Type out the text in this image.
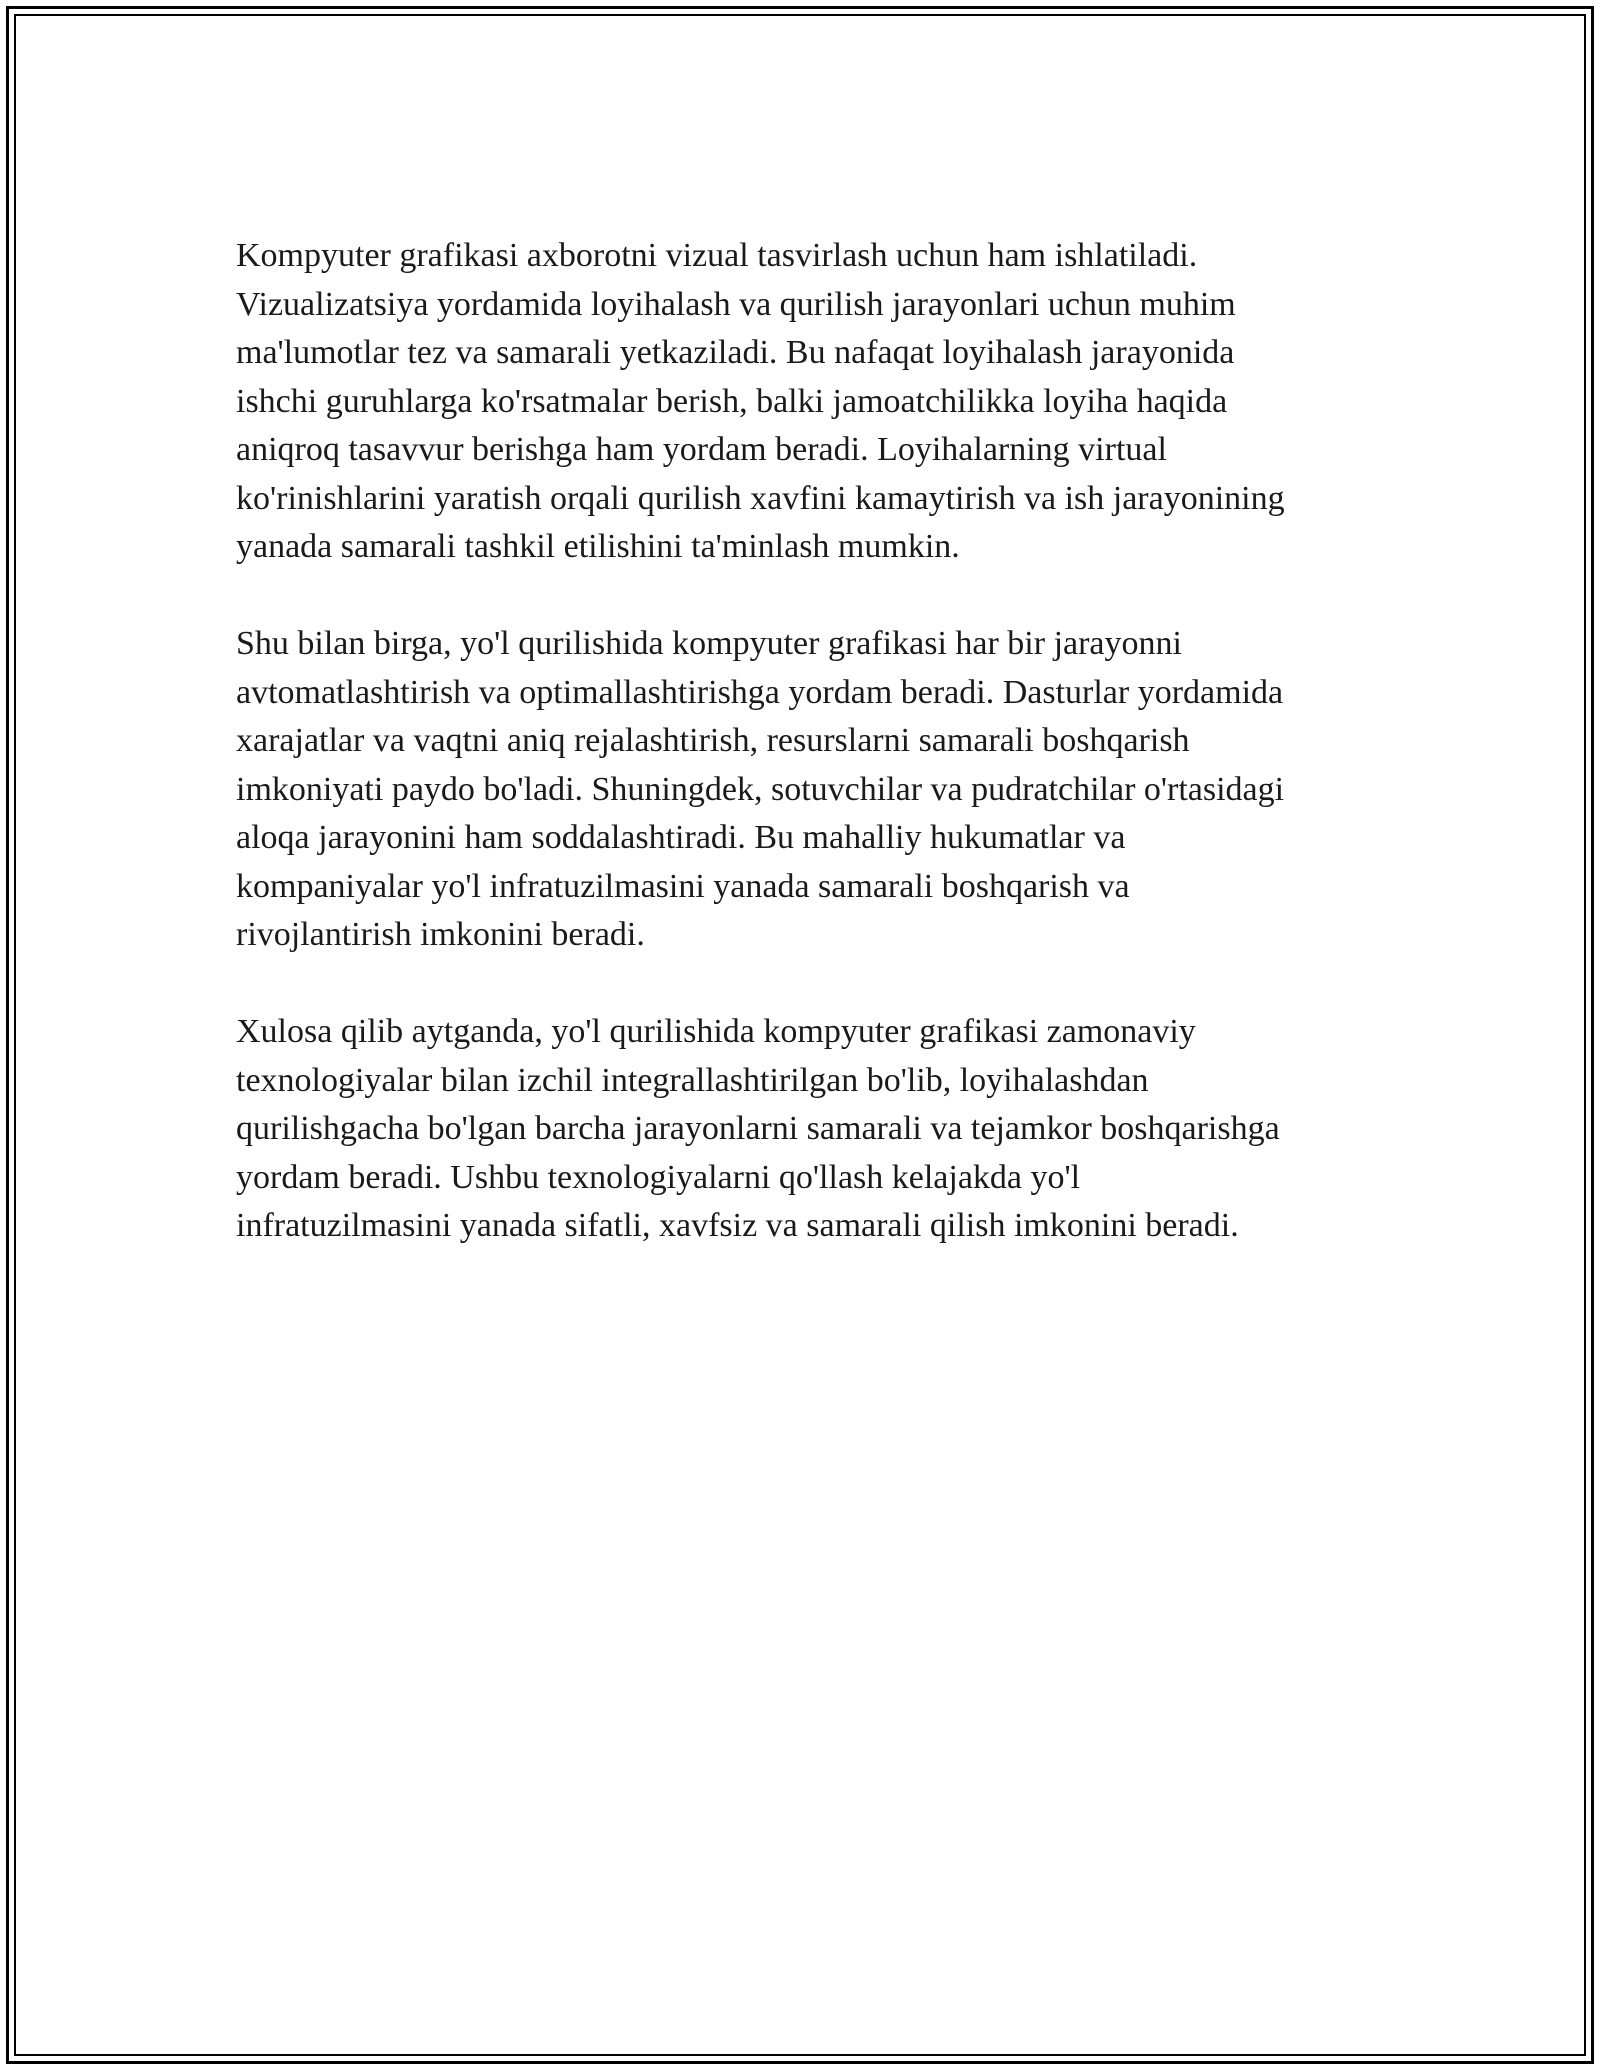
Kompyuter grafikasi axborotni vizual tasvirlash uchun ham ishlatiladi.
Vizualizatsiya yordamida loyihalash va qurilish jarayonlari uchun muhim
ma'lumotlar tez va samarali yetkaziladi. Bu nafaqat loyihalash jarayonida
ishchi guruhlarga ko'rsatmalar berish, balki jamoatchilikka loyiha haqida
aniqroq tasavvur berishga ham yordam beradi. Loyihalarning virtual
ko'rinishlarini yaratish orqali qurilish xavfini kamaytirish va ish jarayonining
yanada samarali tashkil etilishini ta'minlash mumkin.

Shu bilan birga, yo'l qurilishida kompyuter grafikasi har bir jarayonni
avtomatlashtirish va optimallashtirishga yordam beradi. Dasturlar yordamida
xarajatlar va vaqtni aniq rejalashtirish, resurslarni samarali boshqarish
imkoniyati paydo bo'ladi. Shuningdek, sotuvchilar va pudratchilar o'rtasidagi
aloqa jarayonini ham soddalashtiradi. Bu mahalliy hukumatlar va
kompaniyalar yo'l infratuzilmasini yanada samarali boshqarish va
rivojlantirish imkonini beradi.

Xulosa qilib aytganda, yo'l qurilishida kompyuter grafikasi zamonaviy
texnologiyalar bilan izchil integrallashtirilgan bo'lib, loyihalashdan
qurilishgacha bo'lgan barcha jarayonlarni samarali va tejamkor boshqarishga
yordam beradi. Ushbu texnologiyalarni qo'llash kelajakda yo'l
infratuzilmasini yanada sifatli, xavfsiz va samarali qilish imkonini beradi.
